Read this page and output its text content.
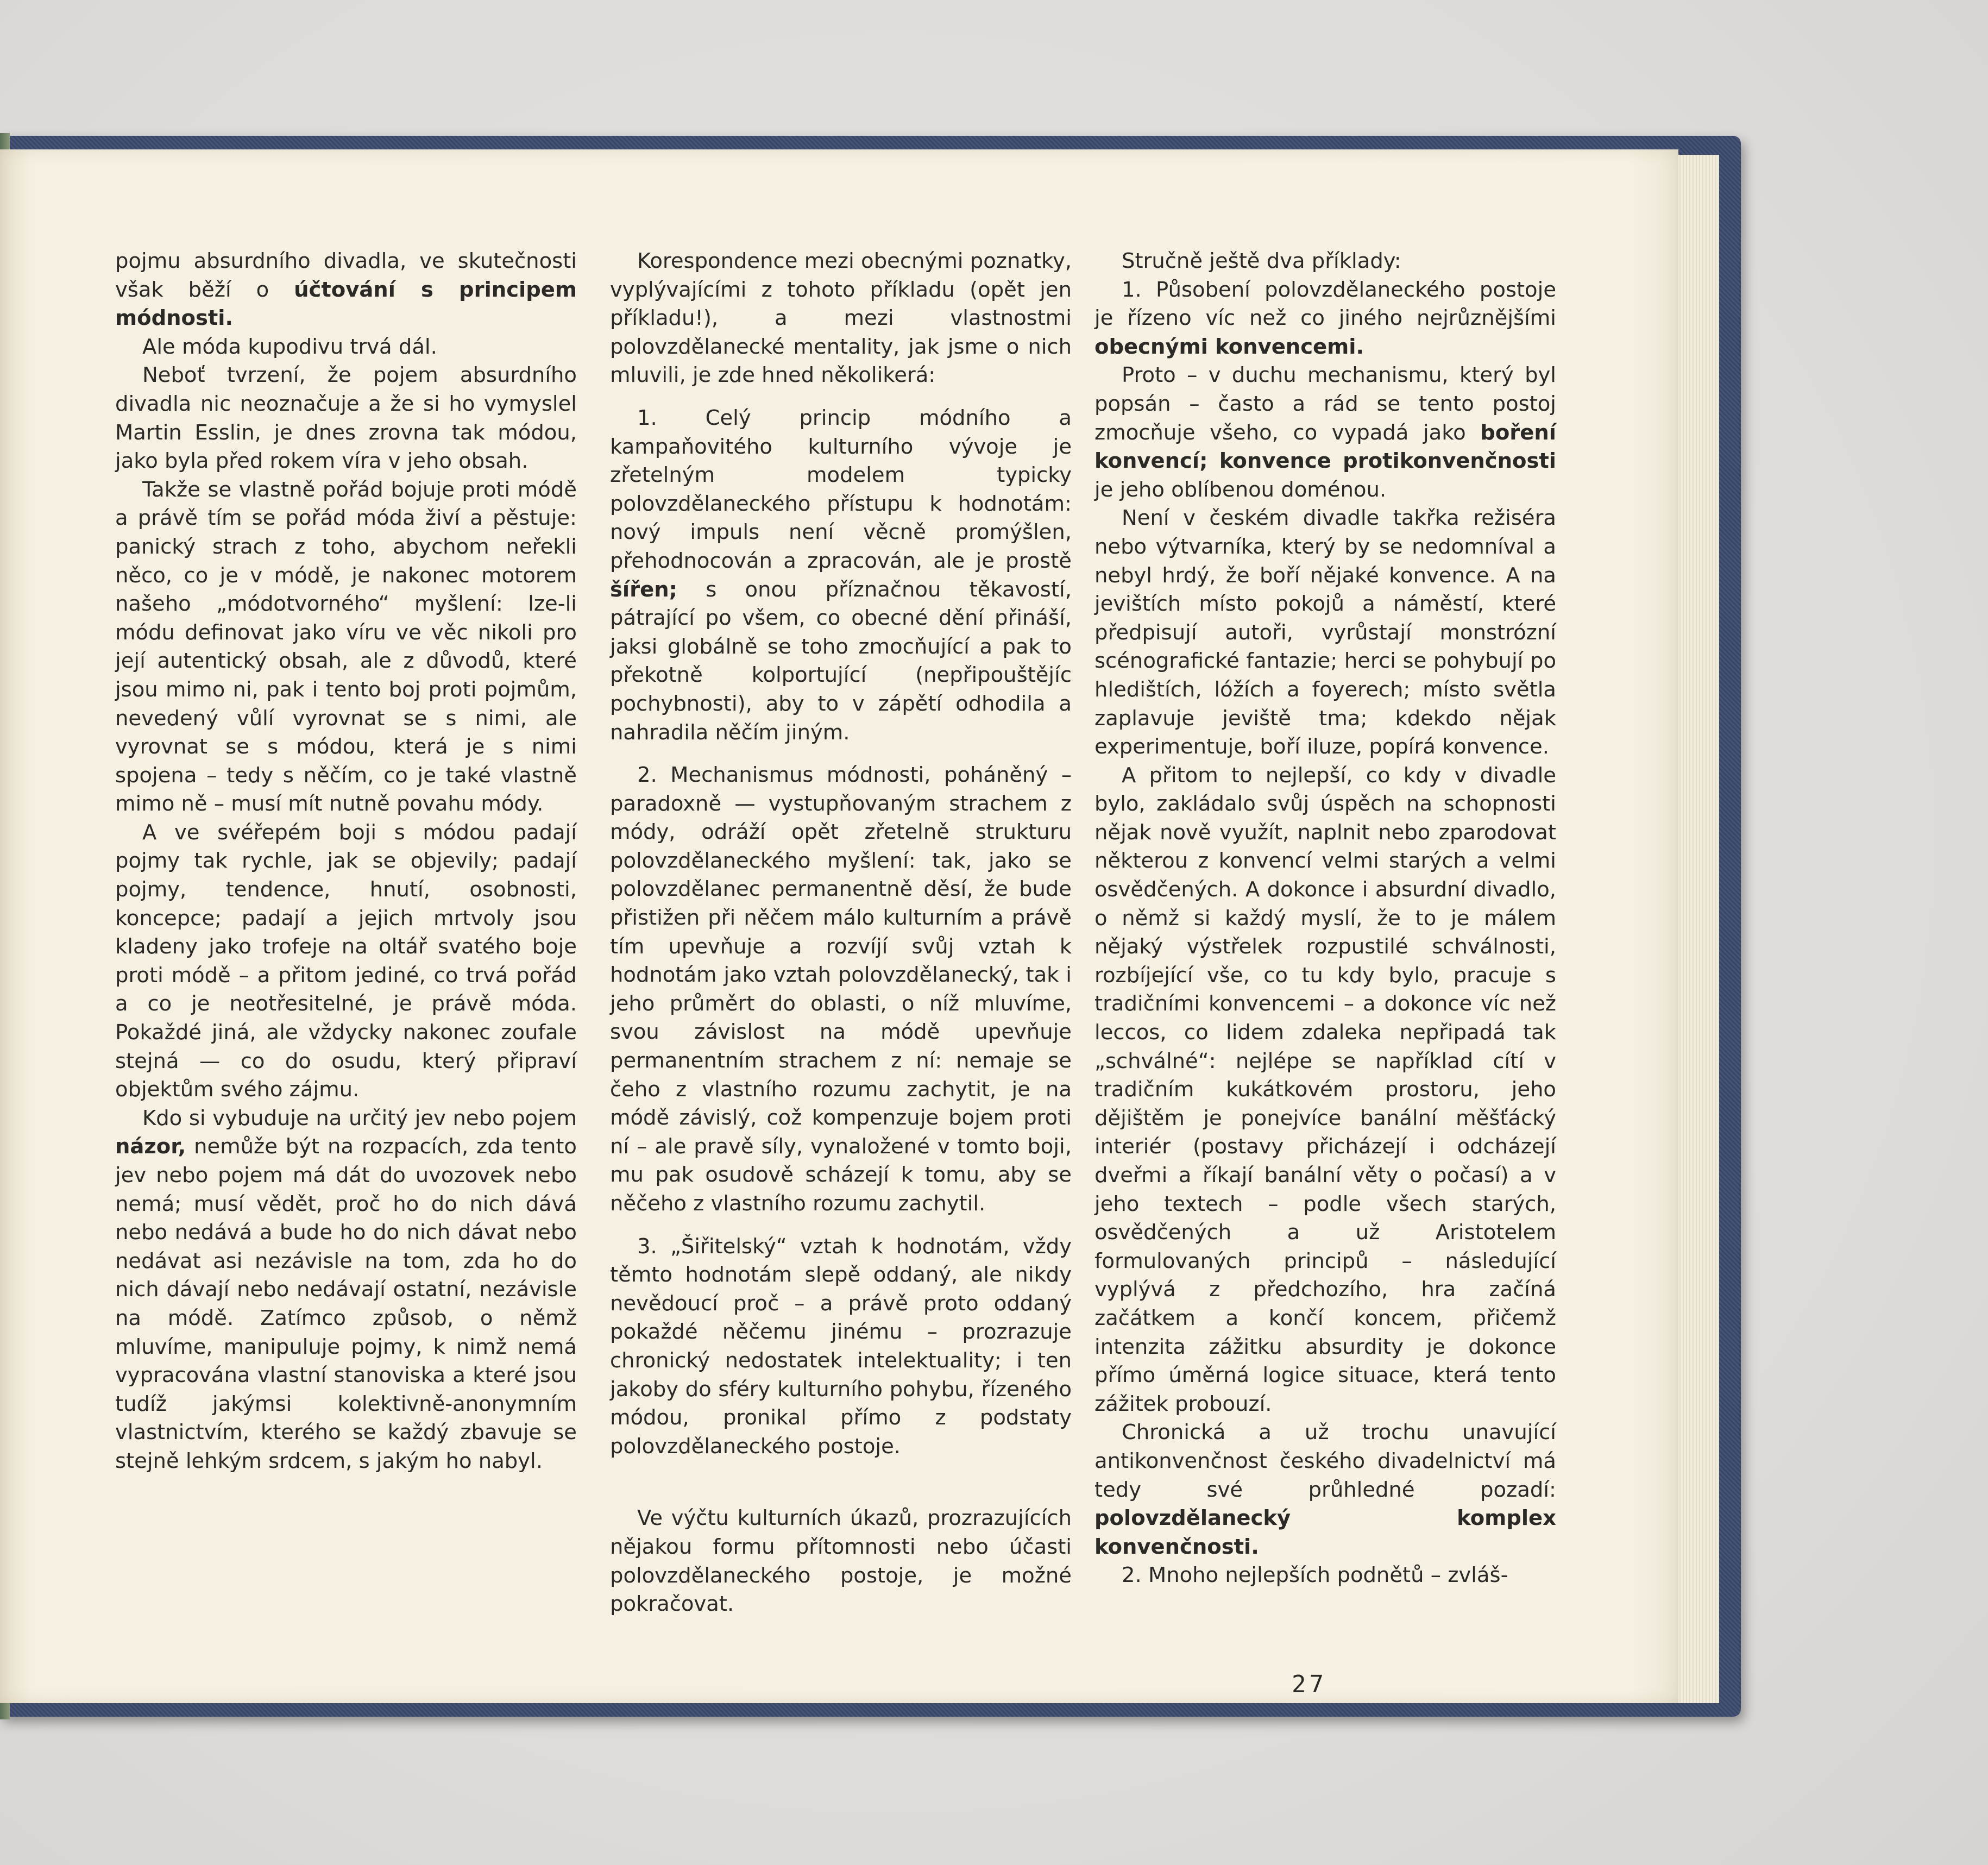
pojmu absurdního divadla, ve skutečnosti však běží o účtování s principem módnosti.

Ale móda kupodivu trvá dál.

Neboť tvrzení, že pojem absurdního divadla nic neoznačuje a že si ho vymyslel Martin Esslin, je dnes zrovna tak módou, jako byla před rokem víra v jeho obsah.

Takže se vlastně pořád bojuje proti módě a právě tím se pořád móda živí a pěstuje: panický strach z toho, abychom neřekli něco, co je v módě, je nakonec motorem našeho „módotvorného“ myšlení: lze-li módu definovat jako víru ve věc nikoli pro její autentický obsah, ale z důvodů, které jsou mimo ni, pak i tento boj proti pojmům, nevedený vůlí vyrovnat se s nimi, ale vyrovnat se s módou, která je s nimi spojena – tedy s něčím, co je také vlastně mimo ně – musí mít nutně povahu módy.

A ve svéřepém boji s módou padají pojmy tak rychle, jak se objevily; padají pojmy, tendence, hnutí, osobnosti, koncepce; padají a jejich mrtvoly jsou kladeny jako trofeje na oltář svatého boje proti módě – a přitom jediné, co trvá pořád a co je neotřesitelné, je právě móda. Pokaždé jiná, ale vždycky nakonec zoufale stejná — co do osudu, který připraví objektům svého zájmu.

Kdo si vybuduje na určitý jev nebo pojem názor, nemůže být na rozpacích, zda tento jev nebo pojem má dát do uvozovek nebo nemá; musí vědět, proč ho do nich dává nebo nedává a bude ho do nich dávat nebo nedávat asi nezávisle na tom, zda ho do nich dávají nebo nedávají ostatní, nezávisle na módě. Zatímco způsob, o němž mluvíme, manipuluje pojmy, k nimž nemá vypracována vlastní stanoviska a které jsou tudíž jakýmsi kolektivně-anonymním vlastnictvím, kterého se každý zbavuje se stejně lehkým srdcem, s jakým ho nabyl.

Korespondence mezi obecnými poznatky, vyplývajícími z tohoto příkladu (opět jen příkladu!), a mezi vlastnostmi polovzdělanecké mentality, jak jsme o nich mluvili, je zde hned několikerá:

1. Celý princip módního a kampaňovitého kulturního vývoje je zřetelným modelem typicky polovzdělaneckého přístupu k hodnotám: nový impuls není věcně promýšlen, přehodnocován a zpracován, ale je prostě šířen; s onou příznačnou těkavostí, pátrající po všem, co obecné dění přináší, jaksi globálně se toho zmocňující a pak to překotně kolportující (nepřipouštějíc pochybnosti), aby to v zápětí odhodila a nahradila něčím jiným.

2. Mechanismus módnosti, poháněný – paradoxně — vystupňovaným strachem z módy, odráží opět zřetelně strukturu polovzdělaneckého myšlení: tak, jako se polovzdělanec permanentně děsí, že bude přistižen při něčem málo kulturním a právě tím upevňuje a rozvíjí svůj vztah k hodnotám jako vztah polovzdělanecký, tak i jeho průměrt do oblasti, o níž mluvíme, svou závislost na módě upevňuje permanentním strachem z ní: nemaje se čeho z vlastního rozumu zachytit, je na módě závislý, což kompenzuje bojem proti ní – ale pravě síly, vynaložené v tomto boji, mu pak osudově scházejí k tomu, aby se něčeho z vlastního rozumu zachytil.

3. „Šiřitelský“ vztah k hodnotám, vždy těmto hodnotám slepě oddaný, ale nikdy nevědoucí proč – a právě proto oddaný pokaždé něčemu jinému – prozrazuje chronický nedostatek intelektuality; i ten jakoby do sféry kulturního pohybu, řízeného módou, pronikal přímo z podstaty polovzdělaneckého postoje.

Ve výčtu kulturních úkazů, prozrazujících nějakou formu přítomnosti nebo účasti polovzdělaneckého postoje, je možné pokračovat.

Stručně ještě dva příklady:

1. Působení polovzdělaneckého postoje je řízeno víc než co jiného nejrůznějšími obecnými konvencemi.

Proto – v duchu mechanismu, který byl popsán – často a rád se tento postoj zmocňuje všeho, co vypadá jako boření konvencí; konvence protikonvenčnosti je jeho oblíbenou doménou.

Není v českém divadle takřka režiséra nebo výtvarníka, který by se nedomníval a nebyl hrdý, že boří nějaké konvence. A na jevištích místo pokojů a náměstí, které předpisují autoři, vyrůstají monstrózní scénografické fantazie; herci se pohybují po hledištích, lóžích a foyerech; místo světla zaplavuje jeviště tma; kdekdo nějak experimentuje, boří iluze, popírá konvence.

A přitom to nejlepší, co kdy v divadle bylo, zakládalo svůj úspěch na schopnosti nějak nově využít, naplnit nebo zparodovat některou z konvencí velmi starých a velmi osvědčených. A dokonce i absurdní divadlo, o němž si každý myslí, že to je málem nějaký výstřelek rozpustilé schválnosti, rozbíjející vše, co tu kdy bylo, pracuje s tradičními konvencemi – a dokonce víc než leccos, co lidem zdaleka nepřipadá tak „schválné“: nejlépe se například cítí v tradičním kukátkovém prostoru, jeho dějištěm je ponejvíce banální měšťácký interiér (postavy přicházejí i odcházejí dveřmi a říkají banální věty o počasí) a v jeho textech – podle všech starých, osvědčených a už Aristotelem formulovaných principů – následující vyplývá z předchozího, hra začíná začátkem a končí koncem, přičemž intenzita zážitku absurdity je dokonce přímo úměrná logice situace, která tento zážitek probouzí.

Chronická a už trochu unavující antikonvenčnost českého divadelnictví má tedy své průhledné pozadí: polovzdělanecký komplex konvenčnosti.

2. Mnoho nejlepších podnětů – zvláš-

27
